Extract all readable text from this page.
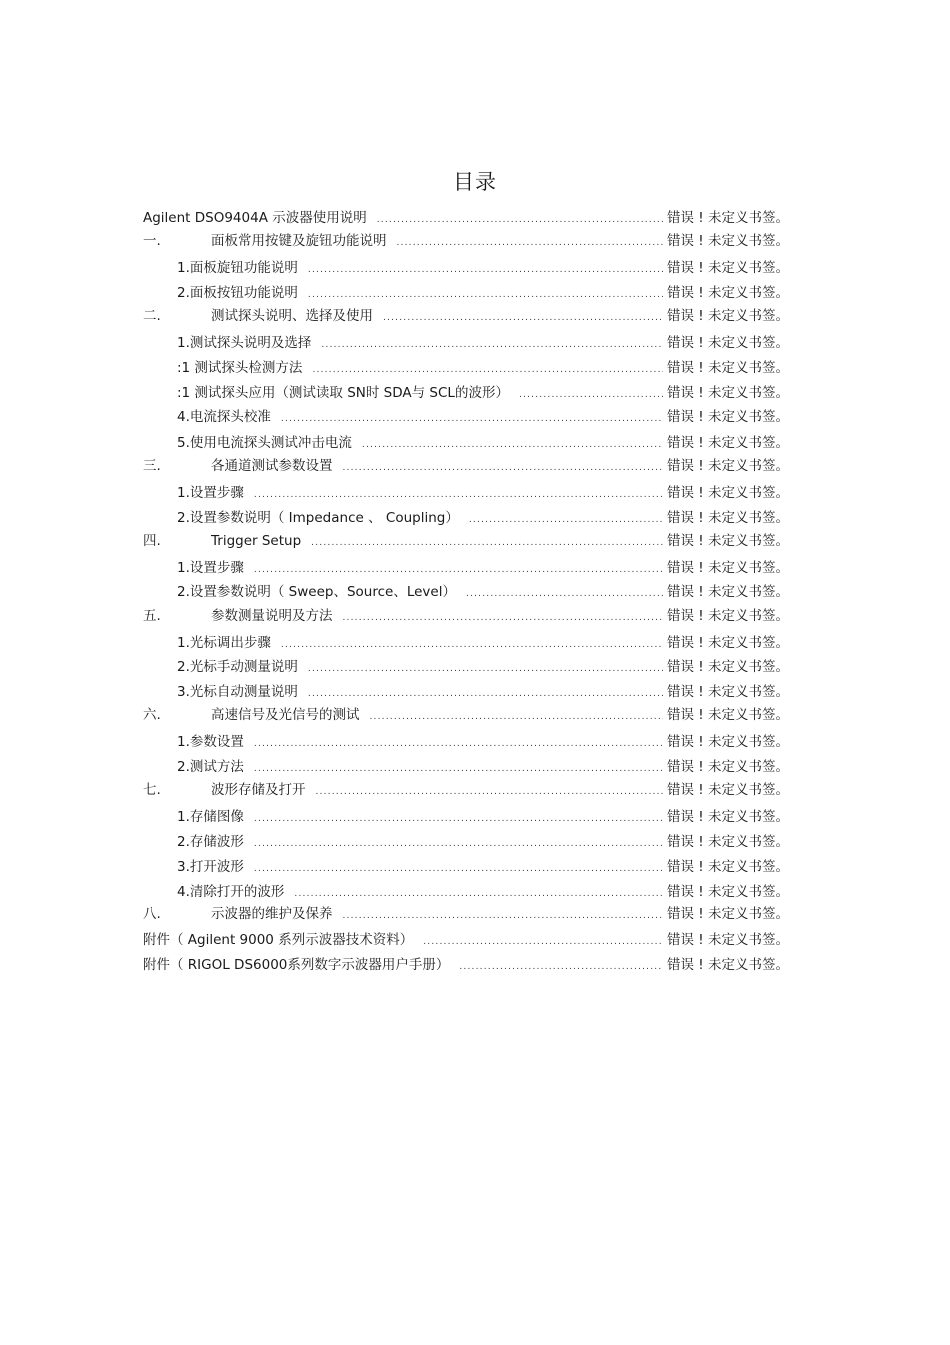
目录
Agilent DSO9404A 示波器使用说明 .....	错误 ! 未定义书签。
一.	面板常用按键及旋钮功能说明 .....	错误 ! 未定义书签。
1.面板旋钮功能说明 .....	错误 ! 未定义书签。
2.面板按钮功能说明 .....	错误 ! 未定义书签。
二.	测试探头说明、选择及使用 .....	错误 ! 未定义书签。
1.测试探头说明及选择 .....	错误 ! 未定义书签。
:1 测试探头检测方法 .....	错误 ! 未定义书签。
:1 测试探头应用（测试读取 SN时 SDA与 SCL的波形） .....	错误 ! 未定义书签。
4.电流探头校准 .....	错误 ! 未定义书签。
5.使用电流探头测试冲击电流 .....	错误 ! 未定义书签。
三.	各通道测试参数设置 .....	错误 ! 未定义书签。
1.设置步骤 .....	错误 ! 未定义书签。
2.设置参数说明（ Impedance 、 Coupling） .....	错误 ! 未定义书签。
四.	Trigger Setup .....	错误 ! 未定义书签。
1.设置步骤 .....	错误 ! 未定义书签。
2.设置参数说明（ Sweep、Source、Level） .....	错误 ! 未定义书签。
五.	参数测量说明及方法 .....	错误 ! 未定义书签。
1.光标调出步骤 .....	错误 ! 未定义书签。
2.光标手动测量说明 .....	错误 ! 未定义书签。
3.光标自动测量说明 .....	错误 ! 未定义书签。
六.	高速信号及光信号的测试 .....	错误 ! 未定义书签。
1.参数设置 .....	错误 ! 未定义书签。
2.测试方法 .....	错误 ! 未定义书签。
七.	波形存储及打开 .....	错误 ! 未定义书签。
1.存储图像 .....	错误 ! 未定义书签。
2.存储波形 .....	错误 ! 未定义书签。
3.打开波形 .....	错误 ! 未定义书签。
4.清除打开的波形 .....	错误 ! 未定义书签。
八.	示波器的维护及保养 .....	错误 ! 未定义书签。
附件（ Agilent 9000 系列示波器技术资料） .....	错误 ! 未定义书签。
附件（ RIGOL DS6000系列数字示波器用户手册） .....	错误 ! 未定义书签。
